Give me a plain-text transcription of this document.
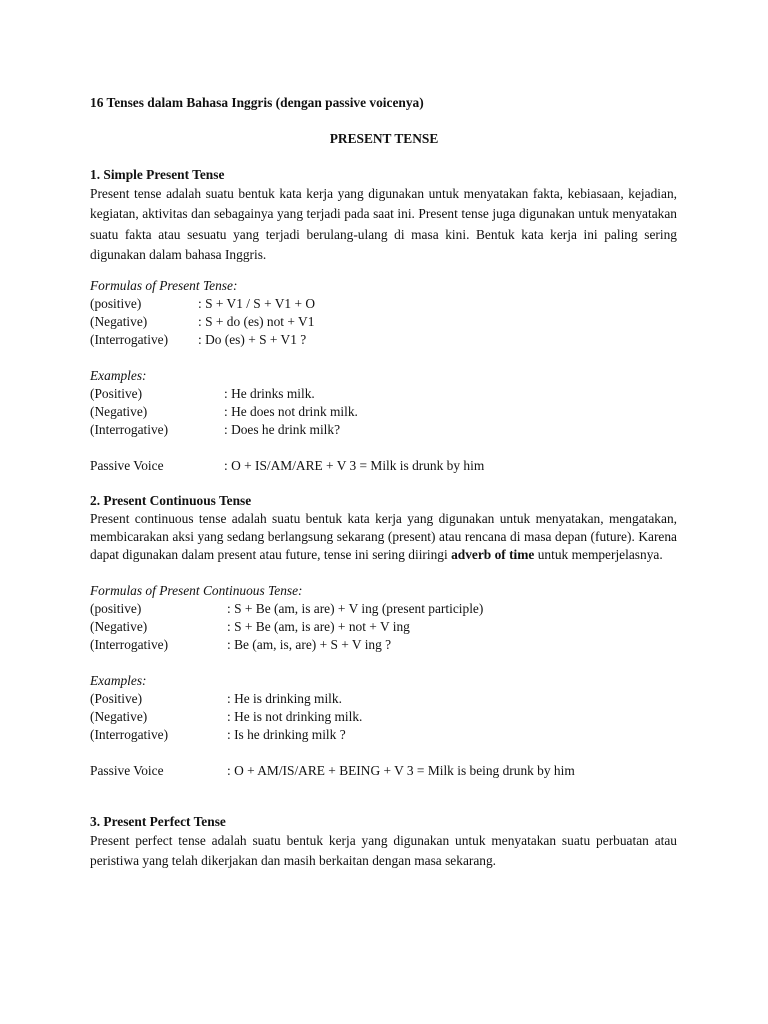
16 Tenses dalam Bahasa Inggris (dengan passive voicenya)
PRESENT TENSE

1. Simple Present Tense

Present tense adalah suatu bentuk kata kerja yang digunakan untuk menyatakan fakta, kebiasaan, kejadian, kegiatan, aktivitas dan sebagainya yang terjadi pada saat ini. Present tense juga digunakan untuk menyatakan suatu fakta atau sesuatu yang terjadi berulang-ulang di masa kini. Bentuk kata kerja ini paling sering digunakan dalam bahasa Inggris.

Formulas of Present Tense:

(positive)	: S + V1 / S + V1 + O
(Negative)	: S + do (es) not + V1
(Interrogative)	: Do (es) + S + V1 ?

Examples:

(Positive)	: He drinks milk.
(Negative)	: He does not drink milk.
(Interrogative)	: Does he drink milk?
Passive Voice	: O + IS/AM/ARE + V 3 = Milk is drunk by him

2. Present Continuous Tense

Present continuous tense adalah suatu bentuk kata kerja yang digunakan untuk menyatakan, mengatakan, membicarakan aksi yang sedang berlangsung sekarang (present) atau rencana di masa depan (future). Karena dapat digunakan dalam present atau future, tense ini sering diiringi adverb of time untuk memperjelasnya.

Formulas of Present Continuous Tense:

(positive)	: S + Be (am, is are) + V ing (present participle)
(Negative)	: S + Be (am, is are) + not + V ing
(Interrogative)	: Be (am, is, are) + S + V ing ?

Examples:

(Positive)	: He is drinking milk.
(Negative)	: He is not drinking milk.
(Interrogative)	: Is he drinking milk ?
Passive Voice	: O + AM/IS/ARE + BEING + V 3 = Milk is being drunk by him

3. Present Perfect Tense

Present perfect tense adalah suatu bentuk kerja yang digunakan untuk menyatakan suatu perbuatan atau peristiwa yang telah dikerjakan dan masih berkaitan dengan masa sekarang.
